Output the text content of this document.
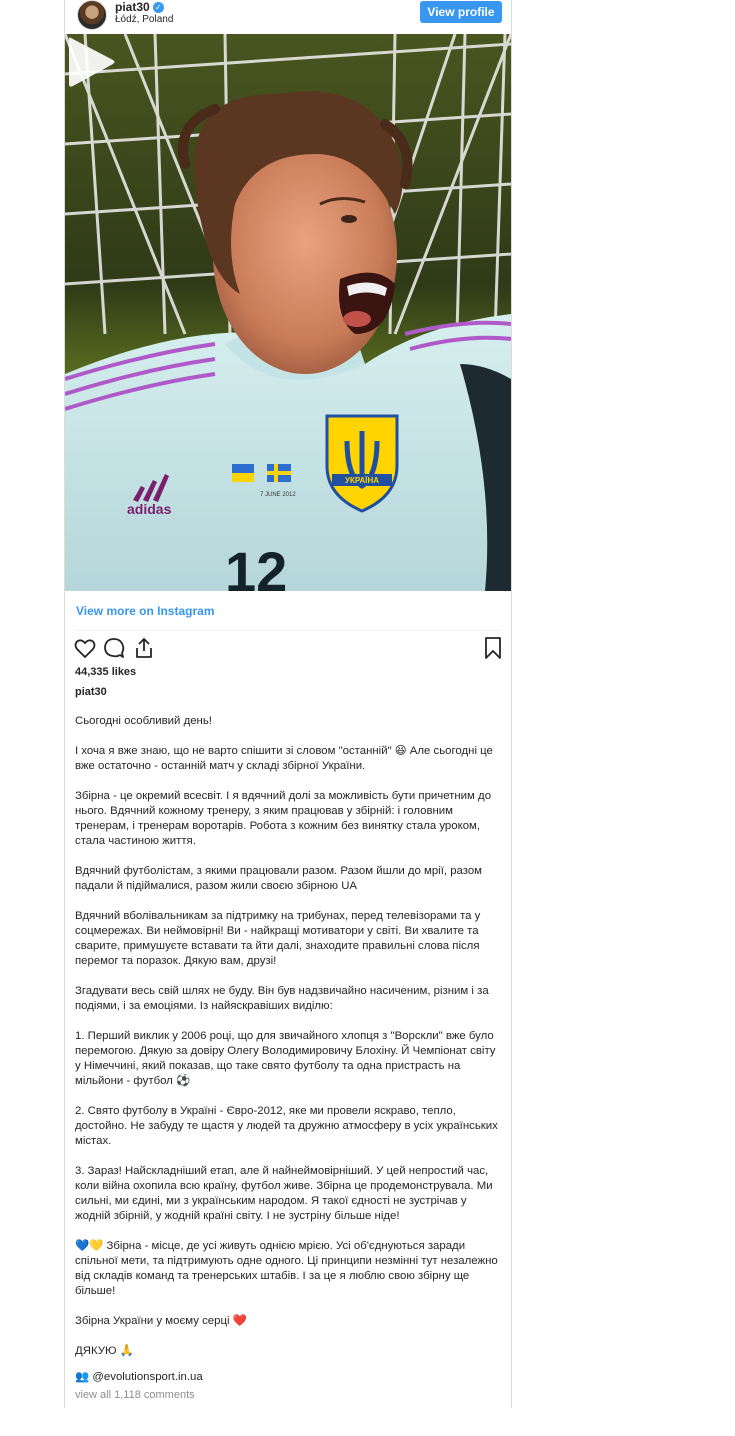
piat30 ✓
Łódź, Poland
View profile
УКРАЇНА
7 JUNE 2012
adidas
12
View more on Instagram
44,335 likes
piat30

Сьогодні особливий день!

І хоча я вже знаю, що не варто спішити зі словом "останній" 😆 Але сьогодні це вже остаточно - останній матч у складі збірної України.

Збірна - це окремий всесвіт. І я вдячний долі за можливість бути причетним до нього. Вдячний кожному тренеру, з яким працював у збірній: і головним тренерам, і тренерам воротарів. Робота з кожним без винятку стала уроком, стала частиною життя.

Вдячний футболістам, з якими працювали разом. Разом йшли до мрії, разом падали й підіймалися, разом жили своєю збірною UA

Вдячний вболівальникам за підтримку на трибунах, перед телевізорами та у соцмережах. Ви неймовірні! Ви - найкращі мотиватори у світі. Ви хвалите та сварите, примушуєте вставати та йти далі, знаходите правильні слова після перемог та поразок. Дякую вам, друзі!

Згадувати весь свій шлях не буду. Він був надзвичайно насиченим, різним і за подіями, і за емоціями. Із найяскравіших виділю:

1. Перший виклик у 2006 році, що для звичайного хлопця з "Ворскли" вже було перемогою. Дякую за довіру Олегу Володимировичу Блохіну. Й Чемпіонат світу у Німеччині, який показав, що таке свято футболу та одна пристрасть на мільйони - футбол ⚽

2. Свято футболу в Україні - Євро-2012, яке ми провели яскраво, тепло, достойно. Не забуду те щастя у людей та дружню атмосферу в усіх українських містах.

3. Зараз! Найскладніший етап, але й найнеймовірніший. У цей непростий час, коли війна охопила всю країну, футбол живе. Збірна це продемонструвала. Ми сильні, ми єдині, ми з українським народом. Я такої єдності не зустрічав у жодній збірній, у жодній країні світу. І не зустріну більше ніде!

💙💛 Збірна - місце, де усі живуть однією мрією. Усі об'єднуються заради спільної мети, та підтримують одне одного. Ці принципи незмінні тут незалежно від складів команд та тренерських штабів. І за це я люблю свою збірну ще більше!

Збірна України у моєму серці ❤️

ДЯКУЮ 🙏

👥 @evolutionsport.in.ua
view all 1,118 comments
